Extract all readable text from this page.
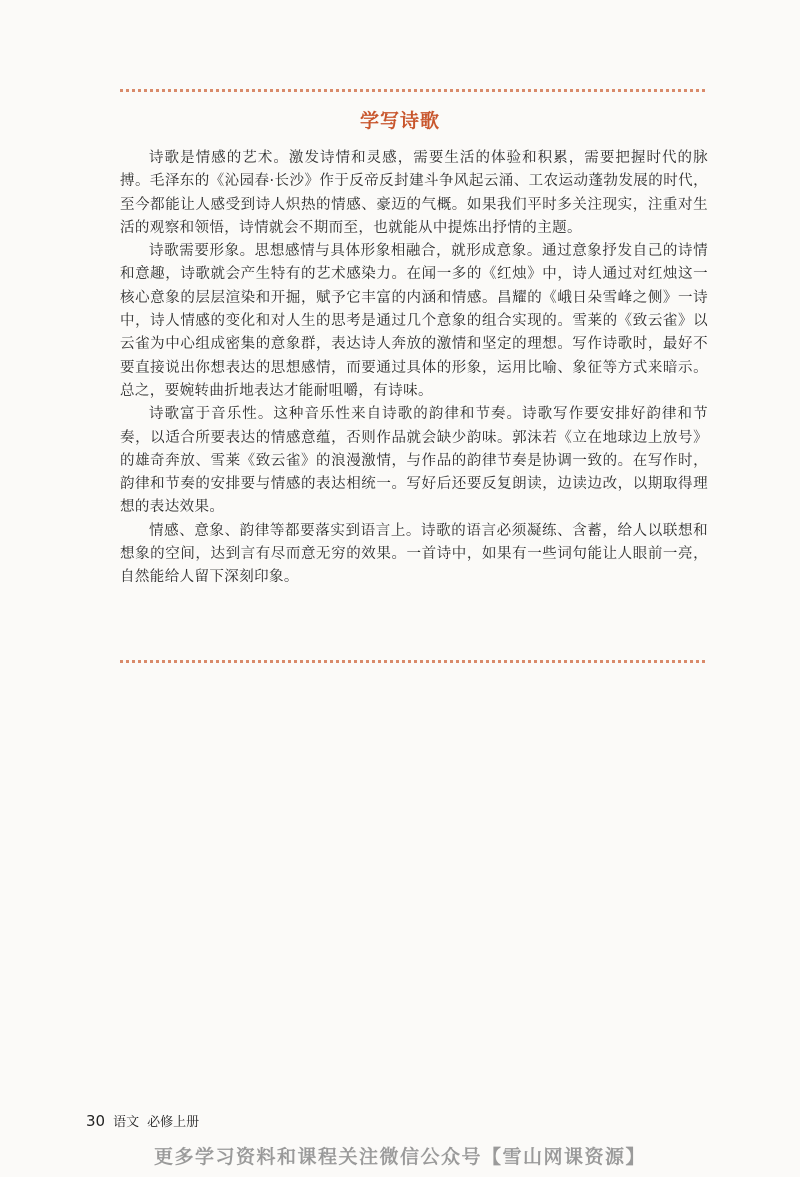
学写诗歌

诗歌是情感的艺术。激发诗情和灵感，需要生活的体验和积累，需要把握时代的脉搏。毛泽东的《沁园春·长沙》作于反帝反封建斗争风起云涌、工农运动蓬勃发展的时代，至今都能让人感受到诗人炽热的情感、豪迈的气概。如果我们平时多关注现实，注重对生活的观察和领悟，诗情就会不期而至，也就能从中提炼出抒情的主题。

诗歌需要形象。思想感情与具体形象相融合，就形成意象。通过意象抒发自己的诗情和意趣，诗歌就会产生特有的艺术感染力。在闻一多的《红烛》中，诗人通过对红烛这一核心意象的层层渲染和开掘，赋予它丰富的内涵和情感。昌耀的《峨日朵雪峰之侧》一诗中，诗人情感的变化和对人生的思考是通过几个意象的组合实现的。雪莱的《致云雀》以云雀为中心组成密集的意象群，表达诗人奔放的激情和坚定的理想。写作诗歌时，最好不要直接说出你想表达的思想感情，而要通过具体的形象，运用比喻、象征等方式来暗示。总之，要婉转曲折地表达才能耐咀嚼，有诗味。

诗歌富于音乐性。这种音乐性来自诗歌的韵律和节奏。诗歌写作要安排好韵律和节奏，以适合所要表达的情感意蕴，否则作品就会缺少韵味。郭沫若《立在地球边上放号》的雄奇奔放、雪莱《致云雀》的浪漫激情，与作品的韵律节奏是协调一致的。在写作时，韵律和节奏的安排要与情感的表达相统一。写好后还要反复朗读，边读边改，以期取得理想的表达效果。

情感、意象、韵律等都要落实到语言上。诗歌的语言必须凝练、含蓄，给人以联想和想象的空间，达到言有尽而意无穷的效果。一首诗中，如果有一些词句能让人眼前一亮，自然能给人留下深刻印象。

30 语文 必修上册
更多学习资料和课程关注微信公众号【雪山网课资源】
